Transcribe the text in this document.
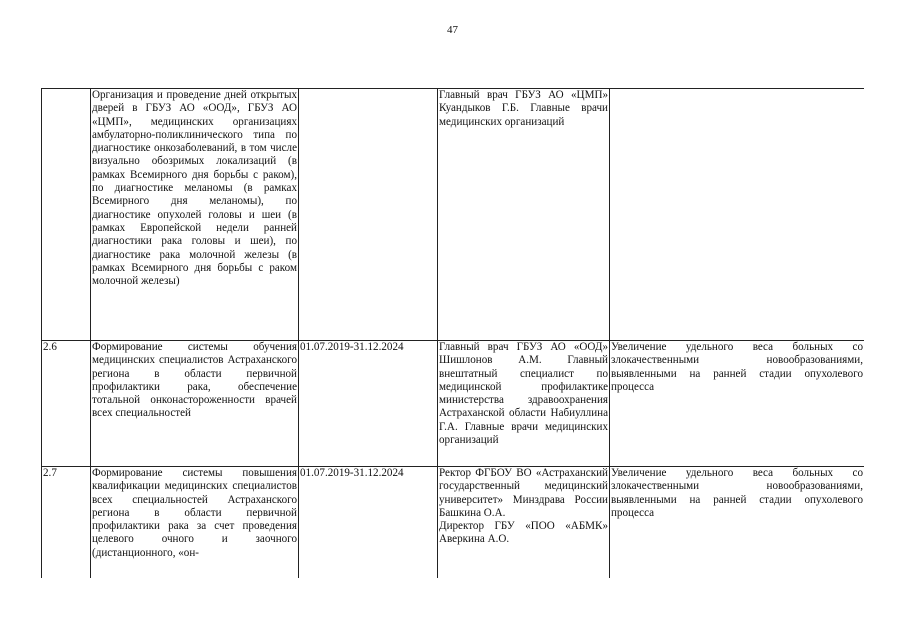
47
	Организация и проведение дней открытых дверей в ГБУЗ АО «ООД», ГБУЗ АО «ЦМП», медицинских организациях амбулаторно-поликлинического типа по диагностике онкозаболеваний, в том числе визуально обозримых локализаций (в рамках Всемирного дня борьбы с раком), по диагностике меланомы (в рамках Всемирного дня меланомы), по диагностике опухолей головы и шеи (в рамках Европейской недели ранней диагностики рака головы и шеи), по диагностике рака молочной железы (в рамках Всемирного дня борьбы с раком молочной железы)		Главный врач ГБУЗ АО «ЦМП» Куандыков Г.Б. Главные врачи медицинских организаций	
2.6	Формирование системы обучения медицинских специалистов Астраханского региона в области первичной профилактики рака, обеспечение тотальной онконастороженности врачей всех специальностей	01.07.2019-31.12.2024	Главный врач ГБУЗ АО «ООД» Шишлонов А.М. Главный внештатный специалист по медицинской профилактике министерства здравоохранения Астраханской области Набиуллина Г.А. Главные врачи медицинских организаций	Увеличение удельного веса больных со злокачественными новообразованиями, выявленными на ранней стадии опухолевого процесса
2.7	Формирование системы повышения квалификации медицинских специалистов всех специальностей Астраханского региона в области первичной профилактики рака за счет проведения целевого очного и заочного (дистанционного, «он-	01.07.2019-31.12.2024	Ректор ФГБОУ ВО «Астраханский государственный медицинский университет» Минздрава России Башкина О.А.
Директор ГБУ «ПОО «АБМК» Аверкина А.О.	Увеличение удельного веса больных со злокачественными новообразованиями, выявленными на ранней стадии опухолевого процесса
